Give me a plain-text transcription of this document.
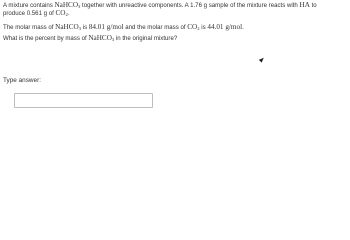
A mixture contains NaHCO$_3$ together with unreactive components. A 1.76 g sample of the mixture reacts with HA to
produce 0.561 g of $CO_2$.
The molar mass of NaHCO$_3$ is 84.01 g/mol and the molar mass of $CO_2$ is 44.01 g/mol.
What is the percent by mass of NaHCO$_3$ in the original mixture?
Type answer:
